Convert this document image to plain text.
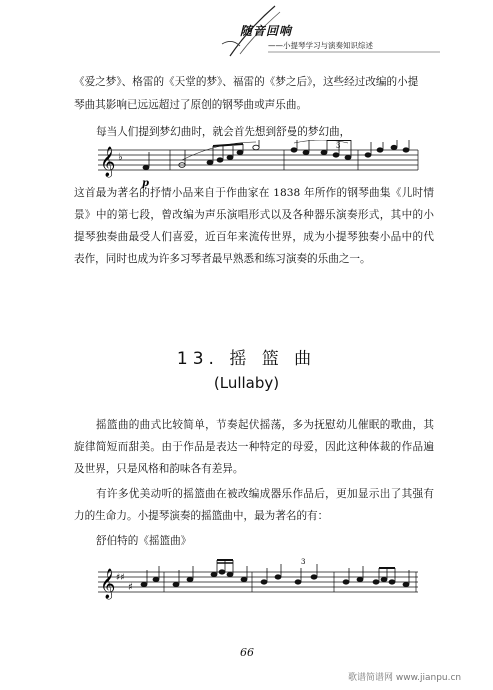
随音回响
——小提琴学习与演奏知识综述
《爱之梦》、格雷的《天堂的梦》、福雷的《梦之后》，这些经过改编的小提
琴曲其影响已远远超过了原创的钢琴曲或声乐曲。
每当人们提到梦幻曲时，就会首先想到舒曼的梦幻曲，
𝄞 ♭
p
3

这首最为著名的抒情小品来自于作曲家在 1838 年所作的钢琴曲集《儿时情景》中的第七段，曾改编为声乐演唱形式以及各种器乐演奏形式，其中的小提琴独奏曲最受人们喜爱，近百年来流传世界，成为小提琴独奏小品中的代表作，同时也成为许多习琴者最早熟悉和练习演奏的乐曲之一。

13. 摇 篮 曲
(Lullaby)

摇篮曲的曲式比较简单，节奏起伏摇荡，多为抚慰幼儿催眠的歌曲，其旋律简短而甜美。由于作品是表达一种特定的母爱，因此这种体裁的作品遍及世界，只是风格和韵味各有差异。

有许多优美动听的摇篮曲在被改编成器乐作品后，更加显示出了其强有力的生命力。小提琴演奏的摇篮曲中，最为著名的有：

舒伯特的《摇篮曲》
𝄞 ♯♯
♯
3
66
歌谱简谱网 www.jianpu.cn
